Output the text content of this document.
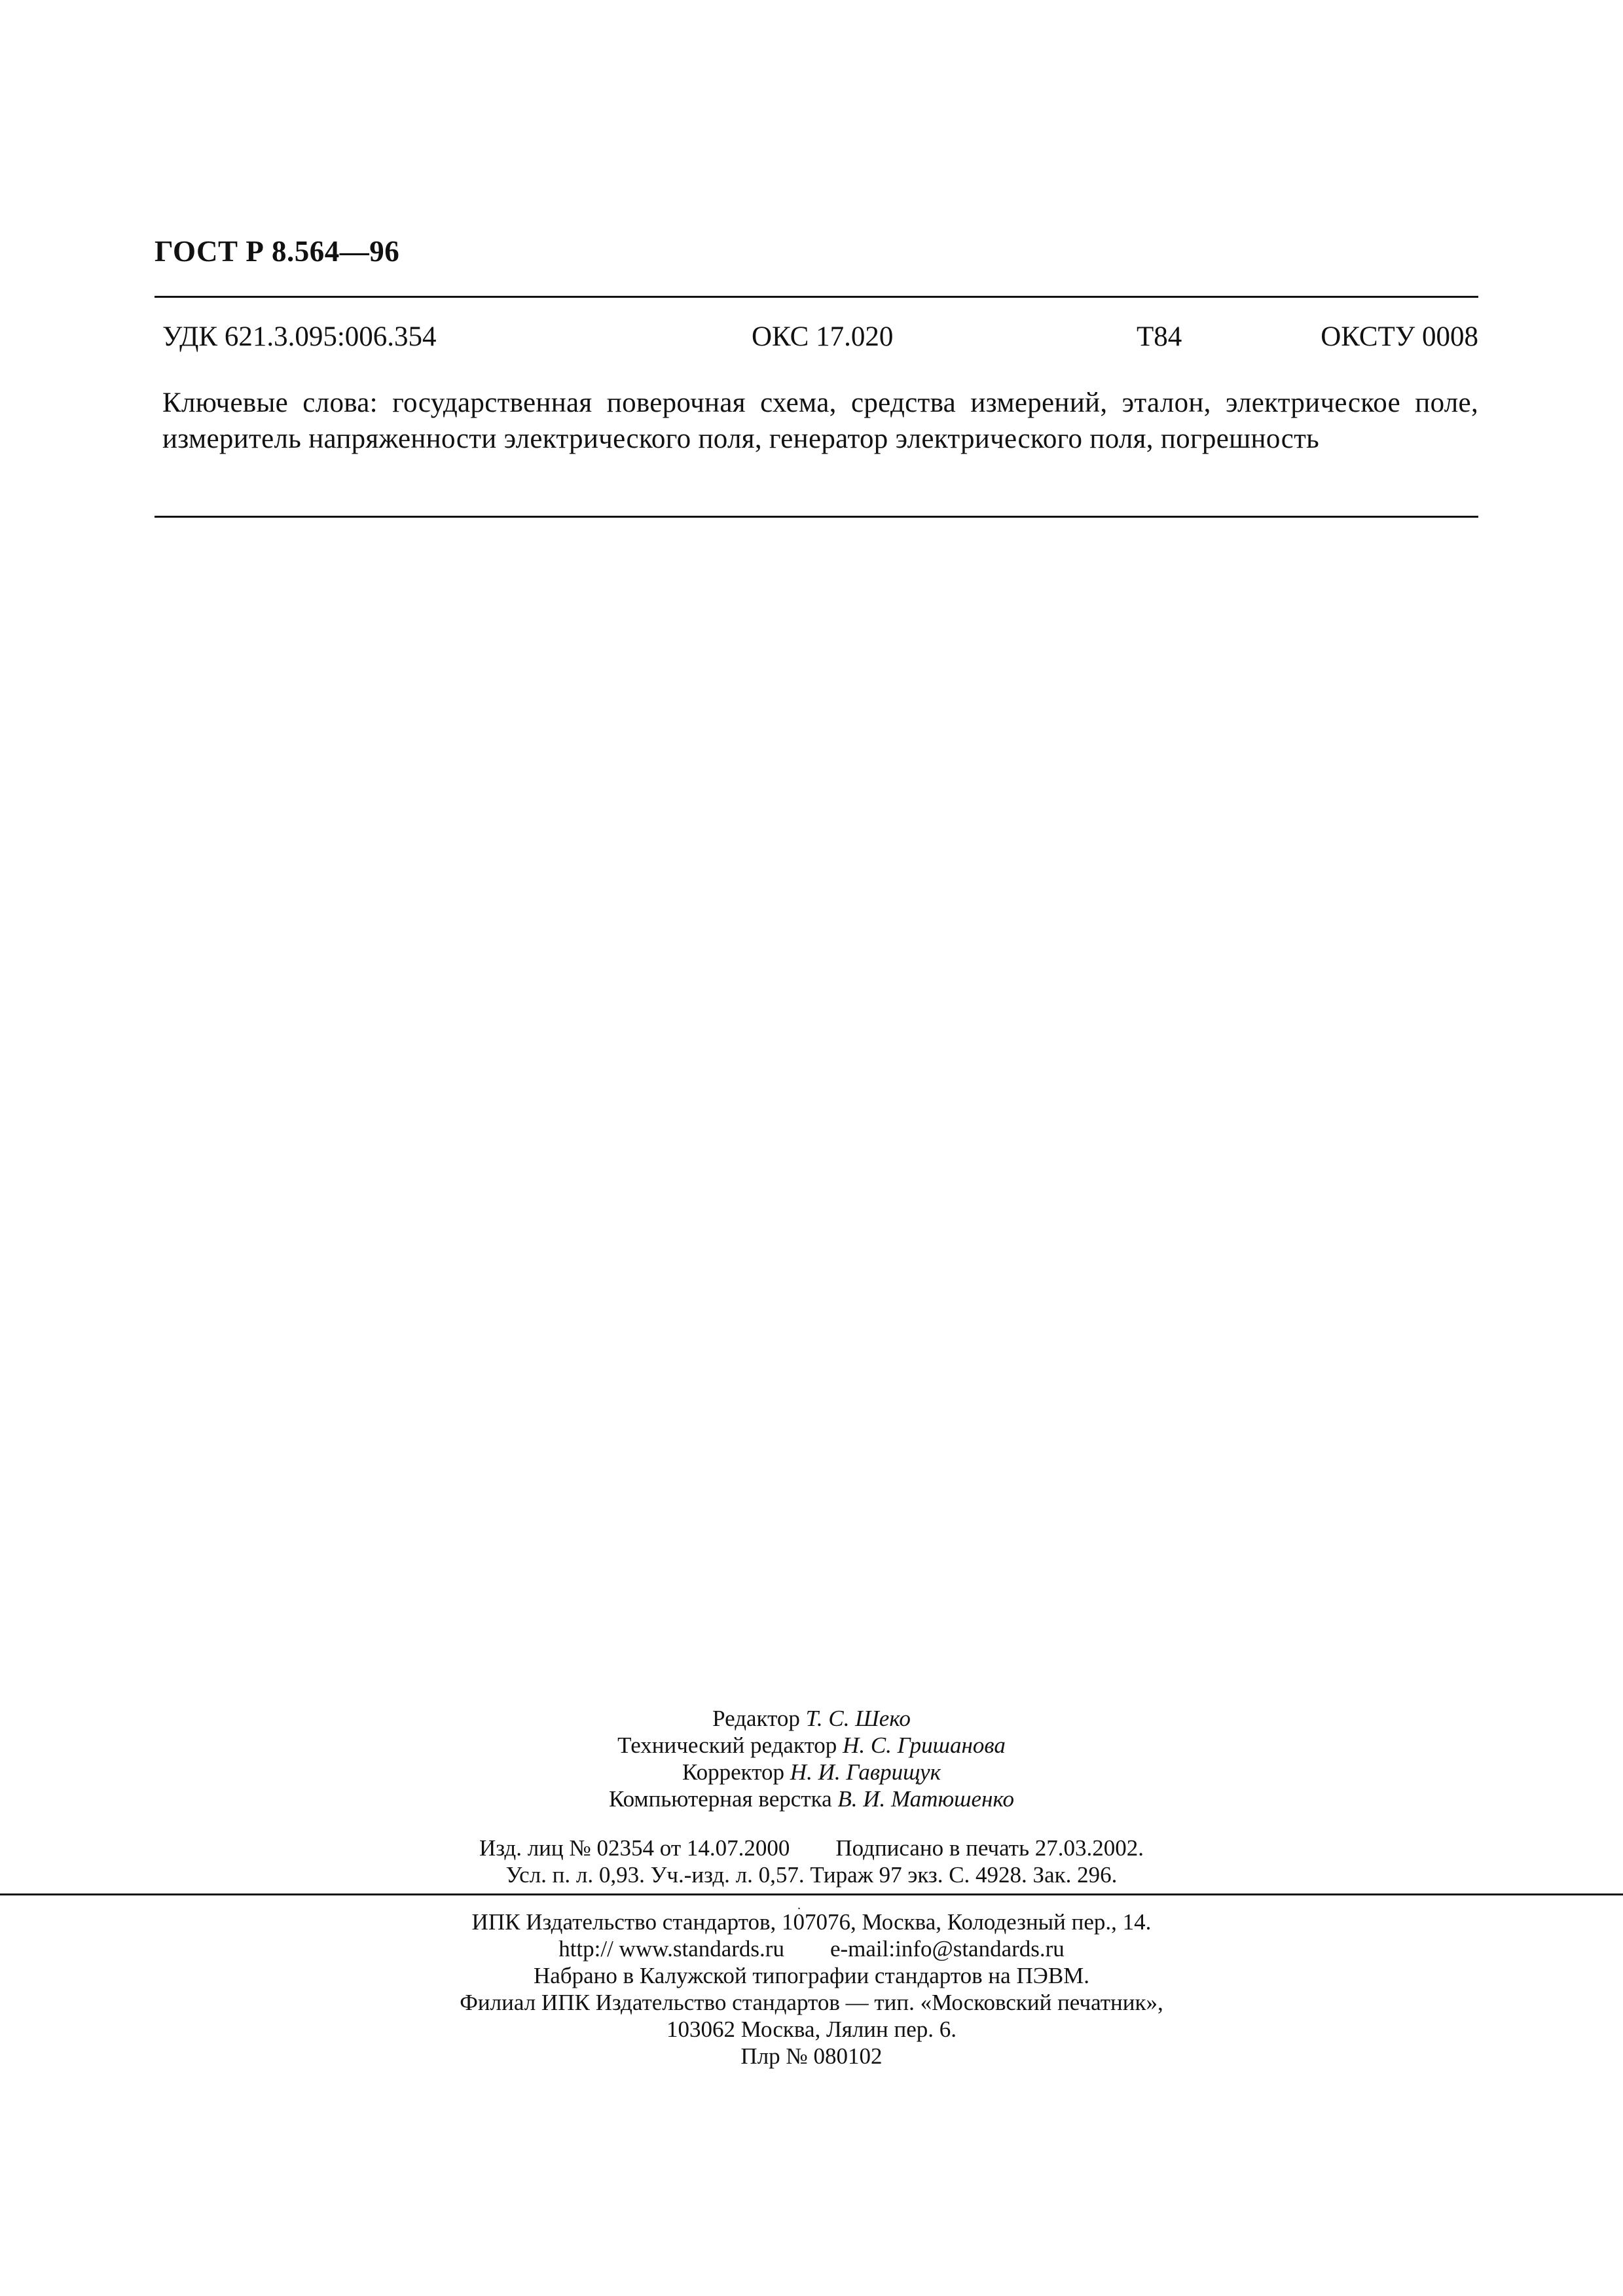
ГОСТ Р 8.564—96
УДК 621.3.095:006.354	ОКС 17.020	Т84	ОКСТУ 0008
Ключевые слова: государственная поверочная схема, средства измерений, эталон, электрическое поле, измеритель напряженности электрического поля, генератор электрического поля, погрешность
Редактор Т. С. Шеко
Технический редактор Н. С. Гришанова
Корректор Н. И. Гаврищук
Компьютерная верстка В. И. Матюшенко
Изд. лиц № 02354 от 14.07.2000 Подписано в печать 27.03.2002.
Усл. п. л. 0,93. Уч.-изд. л. 0,57. Тираж 97 экз. С. 4928. Зак. 296.
.
ИПК Издательство стандартов, 107076, Москва, Колодезный пер., 14.
http:// www.standards.ru e-mail:info@standards.ru
Набрано в Калужской типографии стандартов на ПЭВМ.
Филиал ИПК Издательство стандартов — тип. «Московский печатник»,
103062 Москва, Лялин пер. 6.
Плр № 080102
